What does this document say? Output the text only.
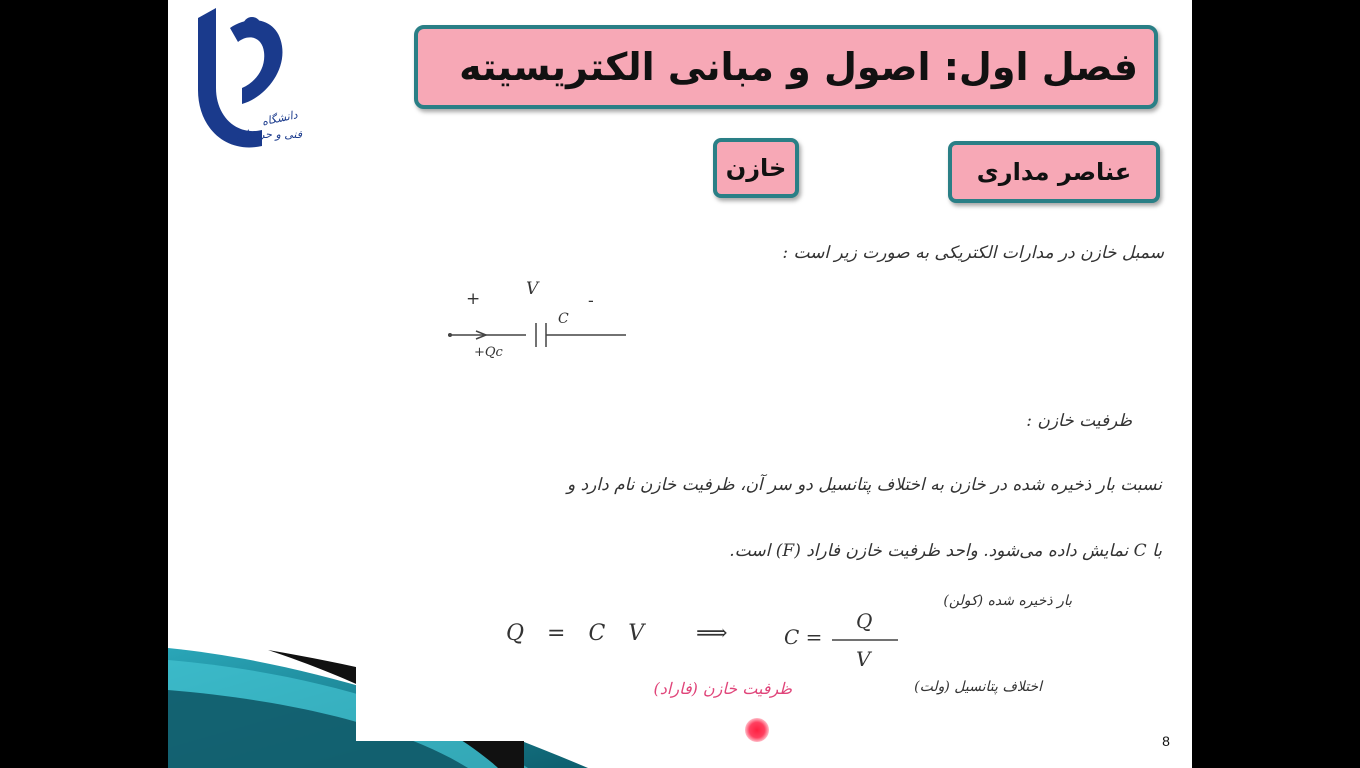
دانشگاه
فنی و حرفه‌ای
فصل اول: اصول و مبانی الکتریسیته
عناصر مداری
خازن
سمبل خازن در مدارات الکتریکی به صورت زیر است :
+	V
-
C
+Qc
ظرفیت خازن :
نسبت بار ذخیره شده در خازن به اختلاف پتانسیل دو سر آن، ظرفیت خازن نام دارد و
با C نمایش داده می‌شود. واحد ظرفیت خازن فاراد (F) است.
Q = C V ⟹	C =
Q
V
بار ذخیره شده (کولن)
اختلاف پتانسیل (ولت)
ظرفیت خازن (فاراد)
8
